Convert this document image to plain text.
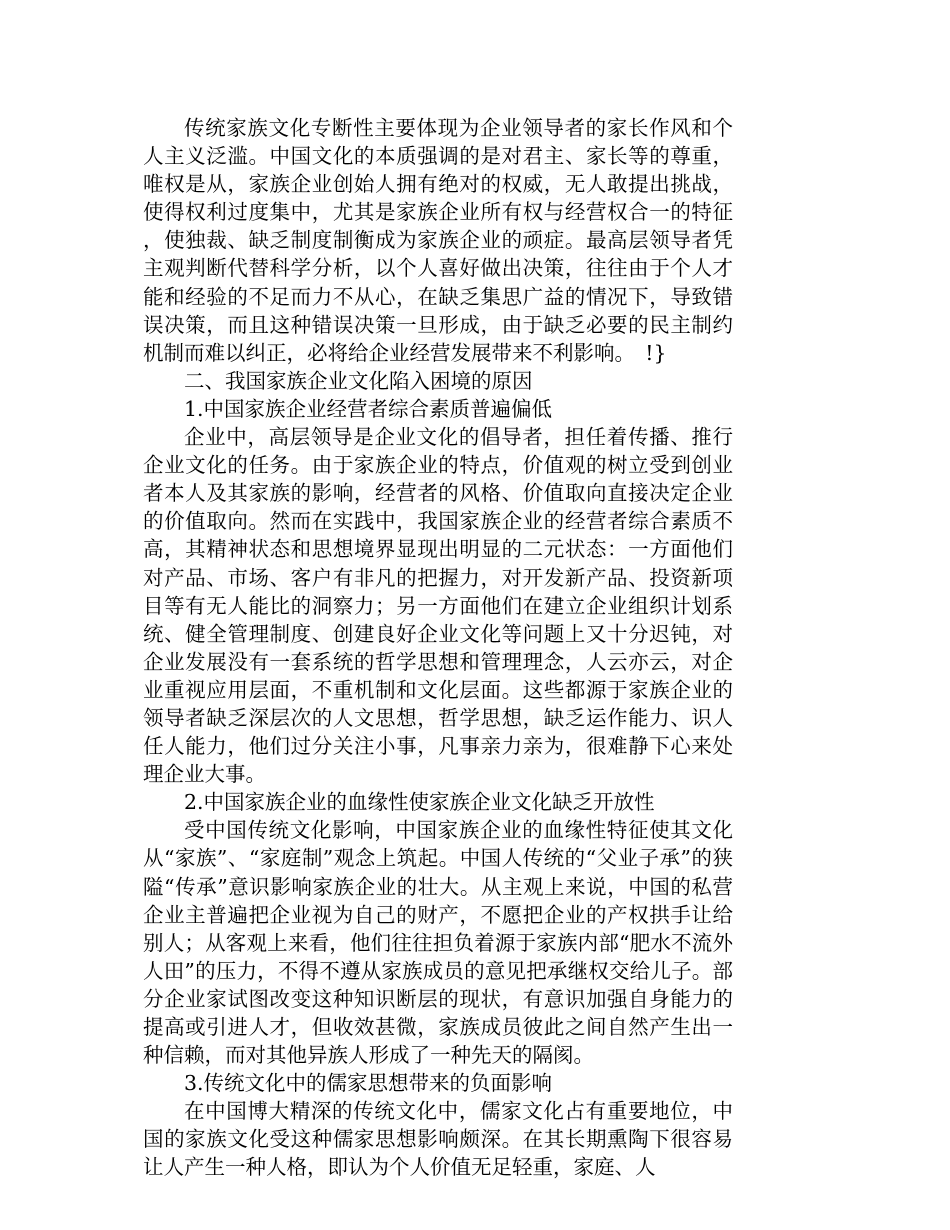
传统家族文化专断性主要体现为企业领导者的家长作风和个人主义泛滥。中国文化的本质强调的是对君主、家长等的尊重，唯权是从，家族企业创始人拥有绝对的权威，无人敢提出挑战，使得权利过度集中，尤其是家族企业所有权与经营权合一的特征，使独裁、缺乏制度制衡成为家族企业的顽症。最高层领导者凭主观判断代替科学分析，以个人喜好做出决策，往往由于个人才能和经验的不足而力不从心，在缺乏集思广益的情况下，导致错误决策，而且这种错误决策一旦形成，由于缺乏必要的民主制约机制而难以纠正，必将给企业经营发展带来不利影响。　!}

二、我国家族企业文化陷入困境的原因

1.中国家族企业经营者综合素质普遍偏低

企业中，高层领导是企业文化的倡导者，担任着传播、推行企业文化的任务。由于家族企业的特点，价值观的树立受到创业者本人及其家族的影响，经营者的风格、价值取向直接决定企业的价值取向。然而在实践中，我国家族企业的经营者综合素质不高，其精神状态和思想境界显现出明显的二元状态：一方面他们对产品、市场、客户有非凡的把握力，对开发新产品、投资新项目等有无人能比的洞察力；另一方面他们在建立企业组织计划系统、健全管理制度、创建良好企业文化等问题上又十分迟钝，对企业发展没有一套系统的哲学思想和管理理念，人云亦云，对企业重视应用层面，不重机制和文化层面。这些都源于家族企业的领导者缺乏深层次的人文思想，哲学思想，缺乏运作能力、识人任人能力，他们过分关注小事，凡事亲力亲为，很难静下心来处理企业大事。

2.中国家族企业的血缘性使家族企业文化缺乏开放性

受中国传统文化影响，中国家族企业的血缘性特征使其文化从“家族”、“家庭制”观念上筑起。中国人传统的“父业子承”的狭隘“传承”意识影响家族企业的壮大。从主观上来说，中国的私营企业主普遍把企业视为自己的财产，不愿把企业的产权拱手让给别人；从客观上来看，他们往往担负着源于家族内部“肥水不流外人田”的压力，不得不遵从家族成员的意见把承继权交给儿子。部分企业家试图改变这种知识断层的现状，有意识加强自身能力的提高或引进人才，但收效甚微，家族成员彼此之间自然产生出一种信赖，而对其他异族人形成了一种先天的隔阂。

3.传统文化中的儒家思想带来的负面影响

在中国博大精深的传统文化中，儒家文化占有重要地位，中国的家族文化受这种儒家思想影响颇深。在其长期熏陶下很容易让人产生一种人格，即认为个人价值无足轻重，家庭、人
